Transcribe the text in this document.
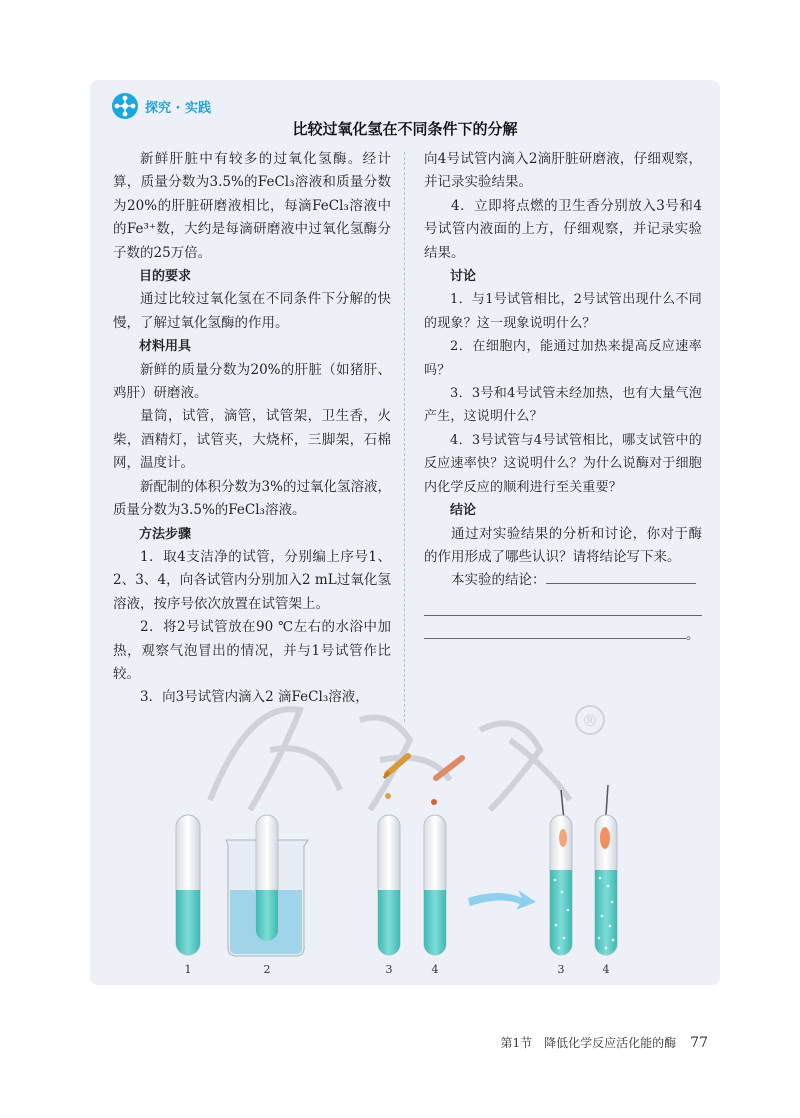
探究 · 实践
比较过氧化氢在不同条件下的分解

新鲜肝脏中有较多的过氧化氢酶。经计算，质量分数为3.5%的FeCl₃溶液和质量分数为20%的肝脏研磨液相比，每滴FeCl₃溶液中的Fe³⁺数，大约是每滴研磨液中过氧化氢酶分子数的25万倍。

目的要求

通过比较过氧化氢在不同条件下分解的快慢，了解过氧化氢酶的作用。

材料用具

新鲜的质量分数为20%的肝脏（如猪肝、鸡肝）研磨液。

量筒，试管，滴管，试管架，卫生香，火柴，酒精灯，试管夹，大烧杯，三脚架，石棉网，温度计。

新配制的体积分数为3%的过氧化氢溶液，质量分数为3.5%的FeCl₃溶液。

方法步骤

1．取4支洁净的试管，分别编上序号1、2、3、4，向各试管内分别加入2 mL过氧化氢溶液，按序号依次放置在试管架上。

2．将2号试管放在90 ℃左右的水浴中加热，观察气泡冒出的情况，并与1号试管作比较。

3．向3号试管内滴入2 滴FeCl₃溶液，

向4号试管内滴入2滴肝脏研磨液，仔细观察，并记录实验结果。

4．立即将点燃的卫生香分别放入3号和4号试管内液面的上方，仔细观察，并记录实验结果。

讨论

1．与1号试管相比，2号试管出现什么不同的现象？这一现象说明什么？

2．在细胞内，能通过加热来提高反应速率吗？

3．3号和4号试管未经加热，也有大量气泡产生，这说明什么？

4．3号试管与4号试管相比，哪支试管中的反应速率快？这说明什么？为什么说酶对于细胞内化学反应的顺利进行至关重要？

结论

通过对实验结果的分析和讨论，你对于酶的作用形成了哪些认识？请将结论写下来。

本实验的结论：

。
®
1	2	3	4	3	4
第1节　降低化学反应活化能的酶 77
